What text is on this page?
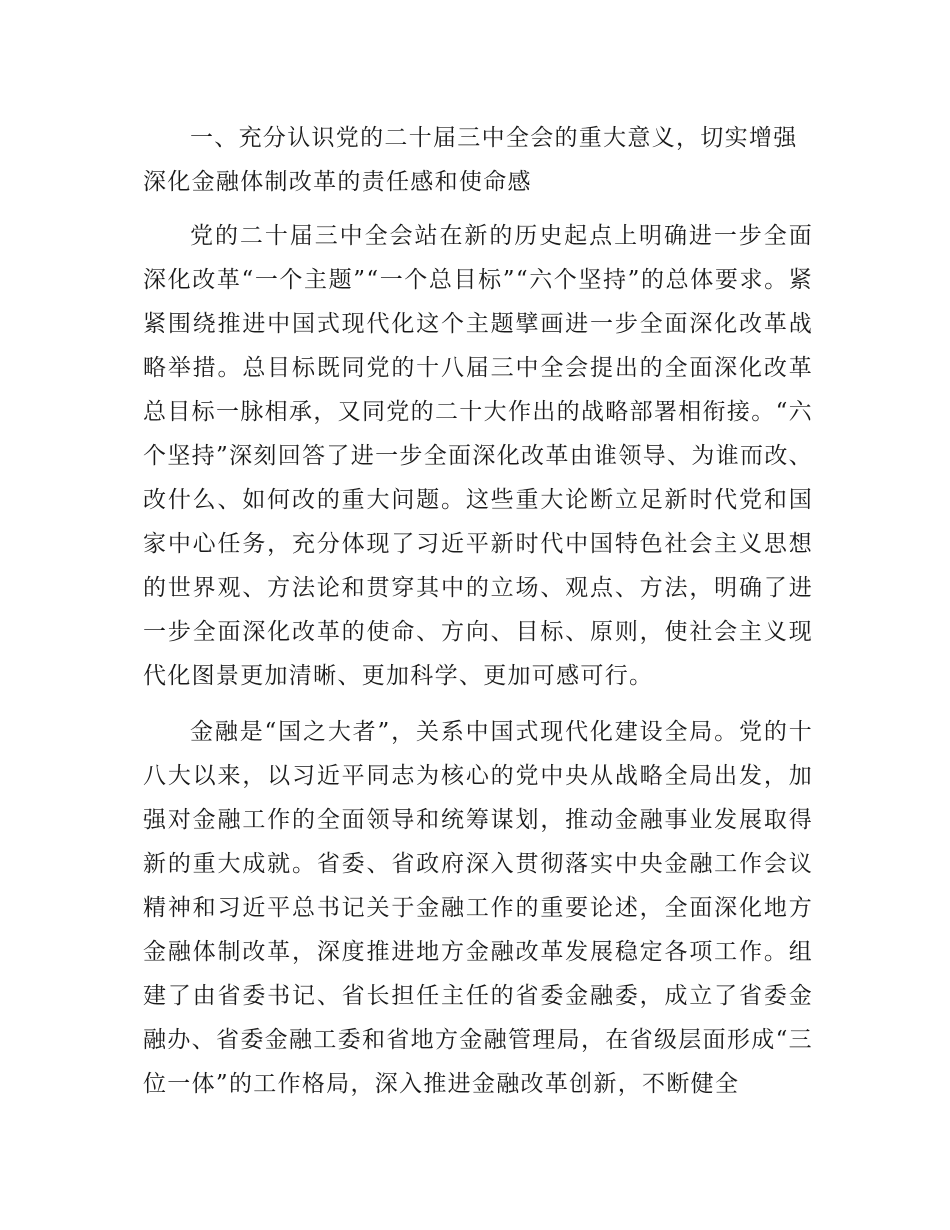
一、充分认识党的二十届三中全会的重大意义，切实增强深化金融体制改革的责任感和使命感

党的二十届三中全会站在新的历史起点上明确进一步全面深化改革“一个主题”“一个总目标”“六个坚持”的总体要求。紧紧围绕推进中国式现代化这个主题擘画进一步全面深化改革战略举措。总目标既同党的十八届三中全会提出的全面深化改革总目标一脉相承，又同党的二十大作出的战略部署相衔接。“六个坚持”深刻回答了进一步全面深化改革由谁领导、为谁而改、改什么、如何改的重大问题。这些重大论断立足新时代党和国家中心任务，充分体现了习近平新时代中国特色社会主义思想的世界观、方法论和贯穿其中的立场、观点、方法，明确了进一步全面深化改革的使命、方向、目标、原则，使社会主义现代化图景更加清晰、更加科学、更加可感可行。

金融是“国之大者”，关系中国式现代化建设全局。党的十八大以来，以习近平同志为核心的党中央从战略全局出发，加强对金融工作的全面领导和统筹谋划，推动金融事业发展取得新的重大成就。省委、省政府深入贯彻落实中央金融工作会议精神和习近平总书记关于金融工作的重要论述，全面深化地方金融体制改革，深度推进地方金融改革发展稳定各项工作。组建了由省委书记、省长担任主任的省委金融委，成立了省委金融办、省委金融工委和省地方金融管理局，在省级层面形成“三位一体”的工作格局，深入推进金融改革创新，不断健全
